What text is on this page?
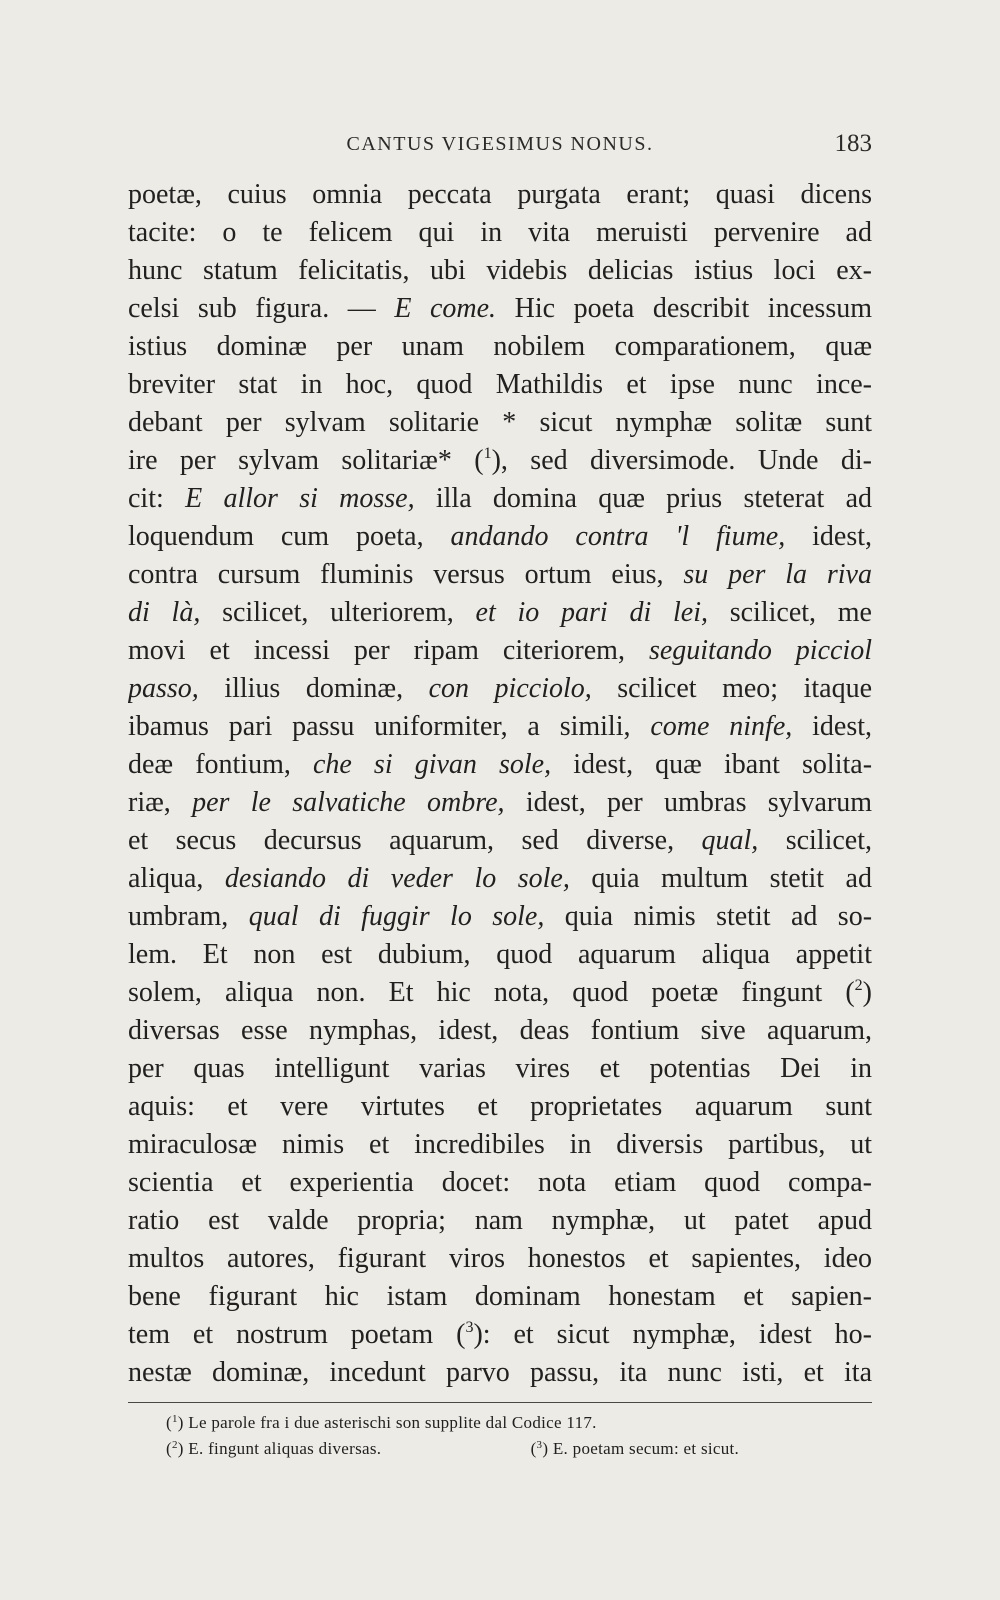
CANTUS VIGESIMUS NONUS.	183
poetæ, cuius omnia peccata purgata erant; quasi dicens
tacite: o te felicem qui in vita meruisti pervenire ad
hunc statum felicitatis, ubi videbis delicias istius loci ex-
celsi sub figura. — E come. Hic poeta describit incessum
istius dominæ per unam nobilem comparationem, quæ
breviter stat in hoc, quod Mathildis et ipse nunc ince-
debant per sylvam solitarie * sicut nymphæ solitæ sunt
ire per sylvam solitariæ* ($^1$), sed diversimode. Unde di-
cit: E allor si mosse, illa domina quæ prius steterat ad
loquendum cum poeta, andando contra 'l fiume, idest,
contra cursum fluminis versus ortum eius, su per la riva
di là, scilicet, ulteriorem, et io pari di lei, scilicet, me
movi et incessi per ripam citeriorem, seguitando picciol
passo, illius dominæ, con picciolo, scilicet meo; itaque
ibamus pari passu uniformiter, a simili, come ninfe, idest,
deæ fontium, che si givan sole, idest, quæ ibant solita-
riæ, per le salvatiche ombre, idest, per umbras sylvarum
et secus decursus aquarum, sed diverse, qual, scilicet,
aliqua, desiando di veder lo sole, quia multum stetit ad
umbram, qual di fuggir lo sole, quia nimis stetit ad so-
lem. Et non est dubium, quod aquarum aliqua appetit
solem, aliqua non. Et hic nota, quod poetæ fingunt ($^2$)
diversas esse nymphas, idest, deas fontium sive aquarum,
per quas intelligunt varias vires et potentias Dei in
aquis: et vere virtutes et proprietates aquarum sunt
miraculosæ nimis et incredibiles in diversis partibus, ut
scientia et experientia docet: nota etiam quod compa-
ratio est valde propria; nam nymphæ, ut patet apud
multos autores, figurant viros honestos et sapientes, ideo
bene figurant hic istam dominam honestam et sapien-
tem et nostrum poetam ($^3$): et sicut nymphæ, idest ho-
nestæ dominæ, incedunt parvo passu, ita nunc isti, et ita
($^1$) Le parole fra i due asterischi son supplite dal Codice 117.
($^2$) E. fingunt aliquas diversas.	($^3$) E. poetam secum: et sicut.
